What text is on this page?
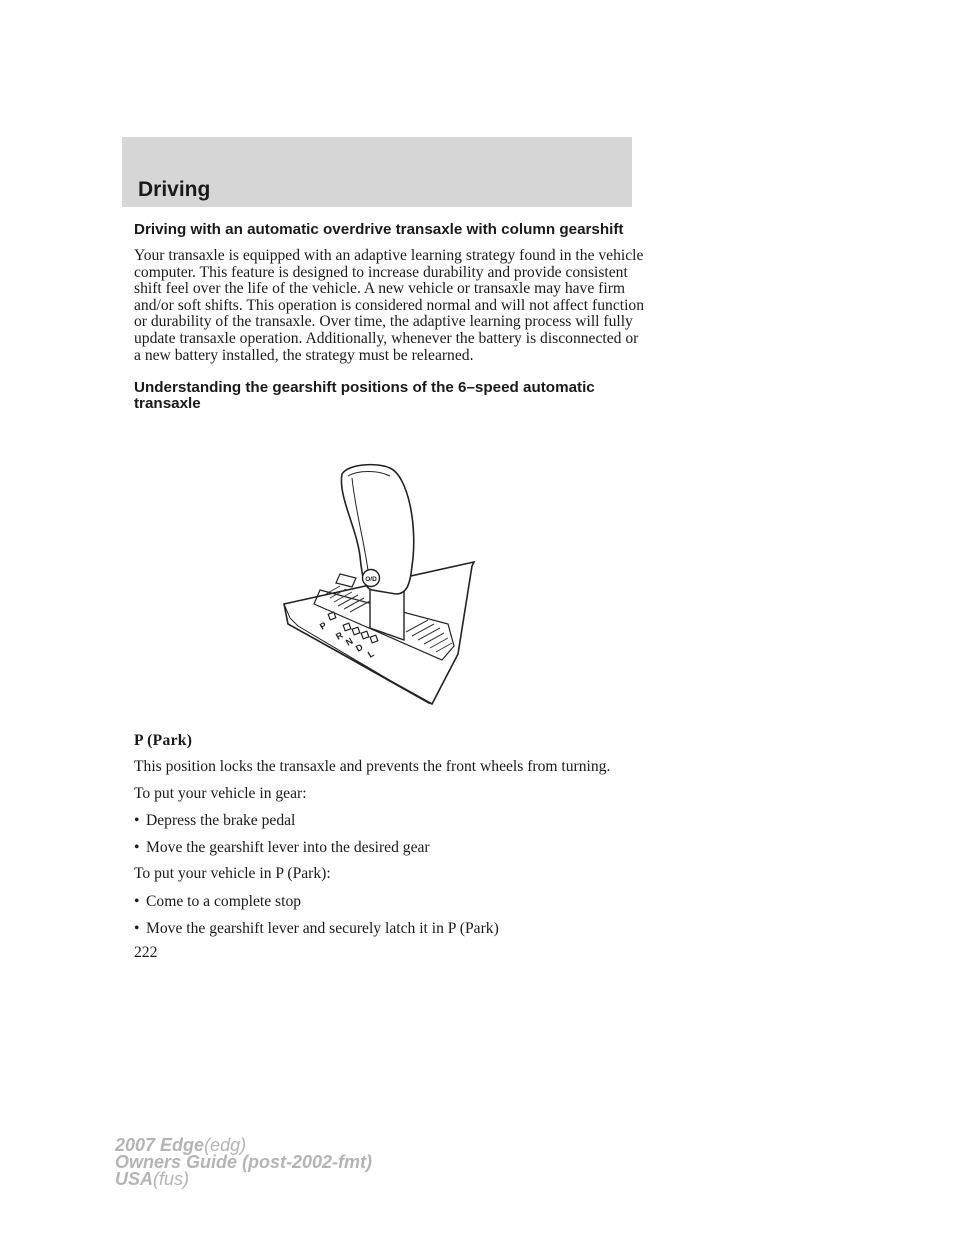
Driving
Driving with an automatic overdrive transaxle with column gearshift
Your transaxle is equipped with an adaptive learning strategy found in the vehicle computer. This feature is designed to increase durability and provide consistent shift feel over the life of the vehicle. A new vehicle or transaxle may have firm and/or soft shifts. This operation is considered normal and will not affect function or durability of the transaxle. Over time, the adaptive learning process will fully update transaxle operation. Additionally, whenever the battery is disconnected or a new battery installed, the strategy must be relearned.
Understanding the gearshift positions of the 6–speed automatic transaxle
O/D
P
R
N
D
L
P (Park)
This position locks the transaxle and prevents the front wheels from turning.
To put your vehicle in gear:
• Depress the brake pedal
• Move the gearshift lever into the desired gear
To put your vehicle in P (Park):
• Come to a complete stop
• Move the gearshift lever and securely latch it in P (Park)
222
2007 Edge(edg)
Owners Guide (post-2002-fmt)
USA(fus)
